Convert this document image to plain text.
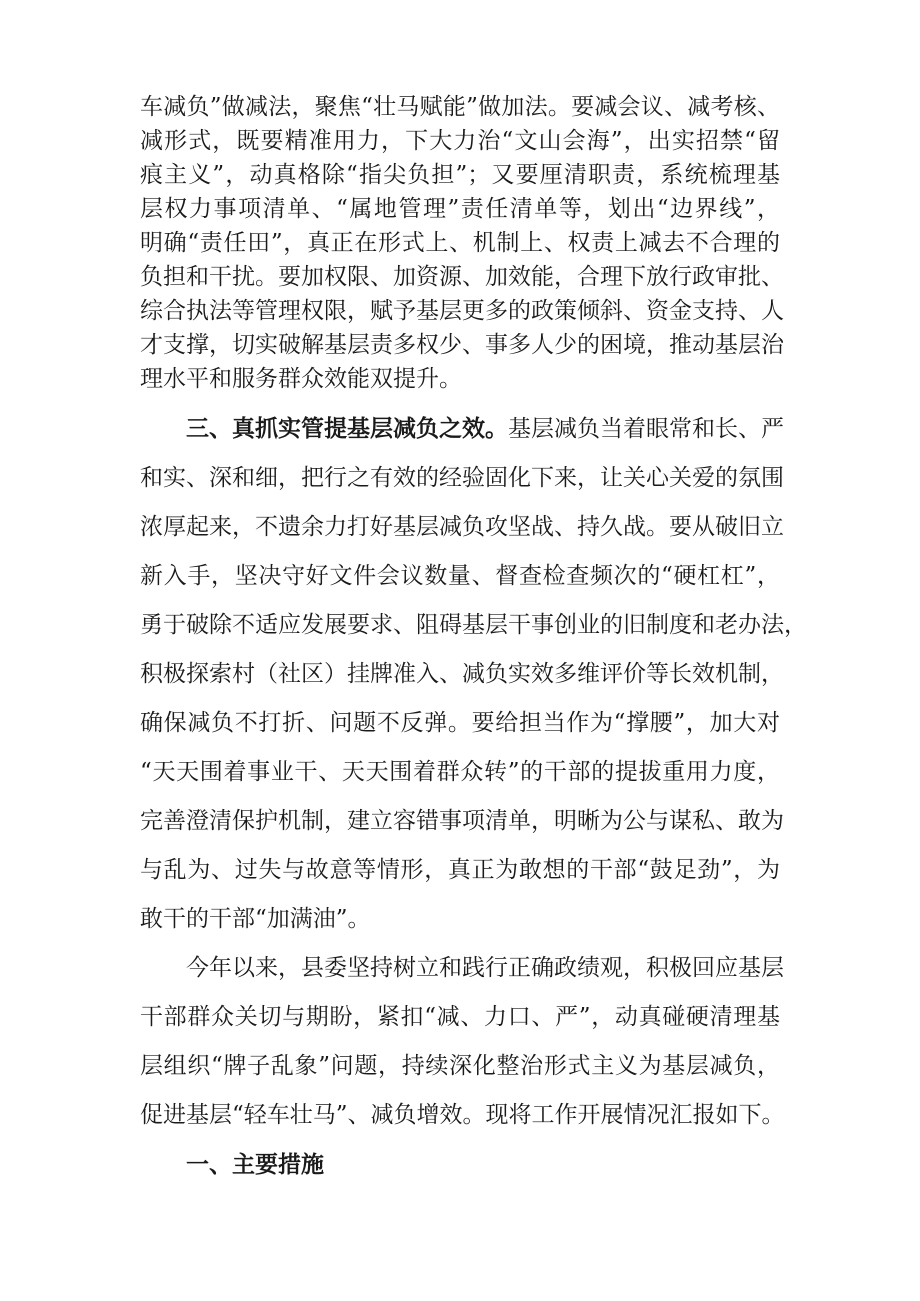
车减负”做减法，聚焦“壮马赋能”做加法。要减会议、减考核、
减形式，既要精准用力，下大力治“文山会海”，出实招禁“留
痕主义”，动真格除“指尖负担”；又要厘清职责，系统梳理基
层权力事项清单、“属地管理”责任清单等，划出“边界线”，
明确“责任田”，真正在形式上、机制上、权责上减去不合理的
负担和干扰。要加权限、加资源、加效能，合理下放行政审批、
综合执法等管理权限，赋予基层更多的政策倾斜、资金支持、人
才支撑，切实破解基层责多权少、事多人少的困境，推动基层治
理水平和服务群众效能双提升。
三、真抓实管提基层减负之效。基层减负当着眼常和长、严
和实、深和细，把行之有效的经验固化下来，让关心关爱的氛围
浓厚起来，不遗余力打好基层减负攻坚战、持久战。要从破旧立
新入手，坚决守好文件会议数量、督查检查频次的“硬杠杠”，
勇于破除不适应发展要求、阻碍基层干事创业的旧制度和老办法，
积极探索村（社区）挂牌准入、减负实效多维评价等长效机制，
确保减负不打折、问题不反弹。要给担当作为“撑腰”，加大对
“天天围着事业干、天天围着群众转”的干部的提拔重用力度，
完善澄清保护机制，建立容错事项清单，明晰为公与谋私、敢为
与乱为、过失与故意等情形，真正为敢想的干部“鼓足劲”，为
敢干的干部“加满油”。
今年以来，县委坚持树立和践行正确政绩观，积极回应基层
干部群众关切与期盼，紧扣“减、力口、严”，动真碰硬清理基
层组织“牌子乱象”问题，持续深化整治形式主义为基层减负，
促进基层“轻车壮马”、减负增效。现将工作开展情况汇报如下。
一、主要措施
